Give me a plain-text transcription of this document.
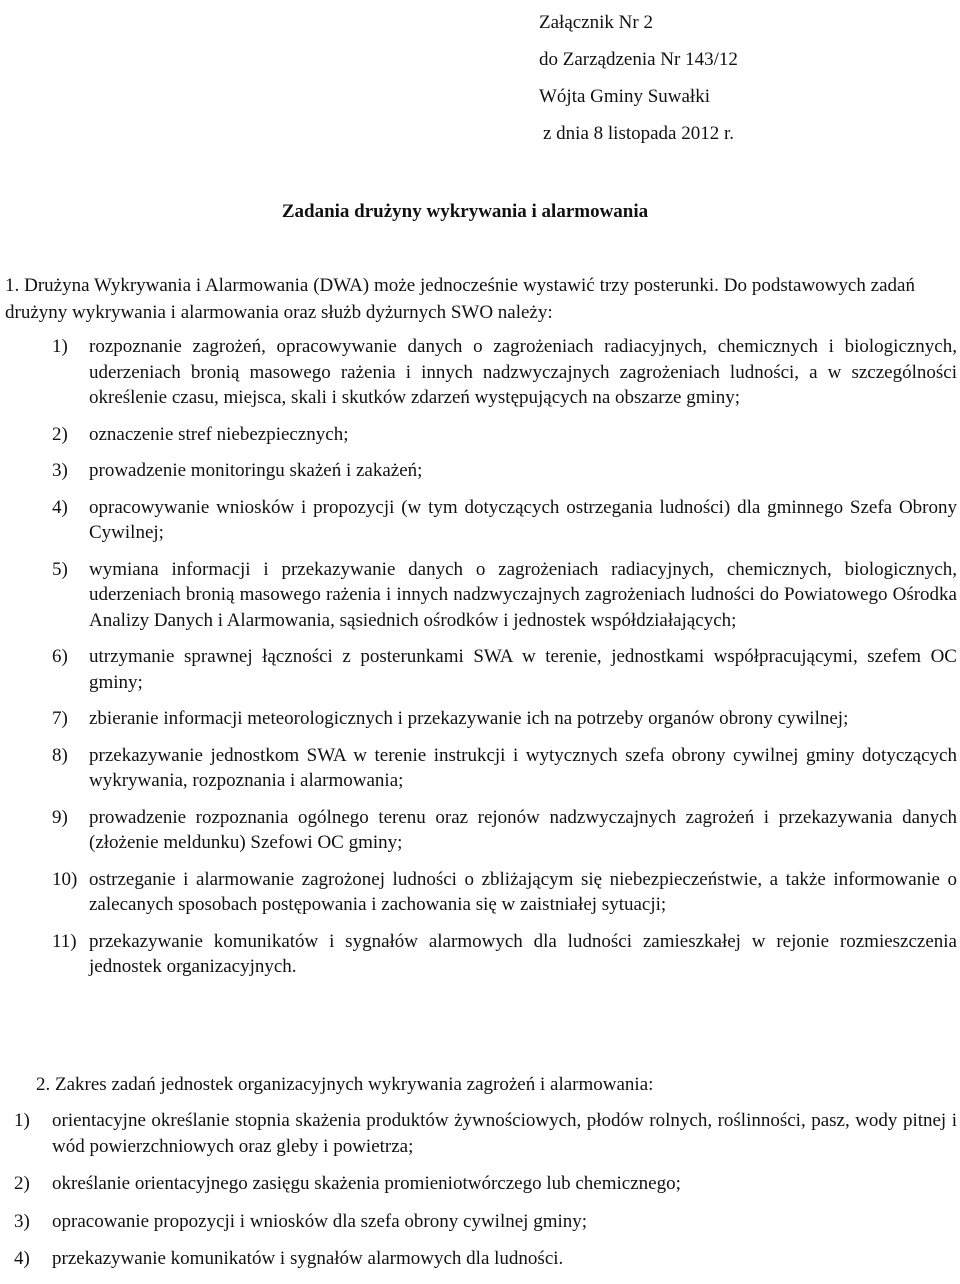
Załącznik Nr 2
do Zarządzenia Nr 143/12
Wójta Gminy Suwałki
z dnia 8 listopada 2012 r.
Zadania drużyny wykrywania i alarmowania
1. Drużyna Wykrywania i Alarmowania (DWA) może jednocześnie wystawić trzy posterunki. Do podstawowych zadań drużyny wykrywania i alarmowania oraz służb dyżurnych SWO należy:
1) rozpoznanie zagrożeń, opracowywanie danych o zagrożeniach radiacyjnych, chemicznych i biologicznych, uderzeniach bronią masowego rażenia i innych nadzwyczajnych zagrożeniach ludności, a w szczególności określenie czasu, miejsca, skali i skutków zdarzeń występujących na obszarze gminy;
2) oznaczenie stref niebezpiecznych;
3) prowadzenie monitoringu skażeń i zakażeń;
4) opracowywanie wniosków i propozycji (w tym dotyczących ostrzegania ludności) dla gminnego Szefa Obrony Cywilnej;
5) wymiana informacji i przekazywanie danych o zagrożeniach radiacyjnych, chemicznych, biologicznych, uderzeniach bronią masowego rażenia i innych nadzwyczajnych zagrożeniach ludności do Powiatowego Ośrodka Analizy Danych i Alarmowania, sąsiednich ośrodków i jednostek współdziałających;
6) utrzymanie sprawnej łączności z posterunkami SWA w terenie, jednostkami współpracującymi, szefem OC gminy;
7) zbieranie informacji meteorologicznych i przekazywanie ich na potrzeby organów obrony cywilnej;
8) przekazywanie jednostkom SWA w terenie instrukcji i wytycznych szefa obrony cywilnej gminy dotyczących wykrywania, rozpoznania i alarmowania;
9) prowadzenie rozpoznania ogólnego terenu oraz rejonów nadzwyczajnych zagrożeń i przekazywania danych (złożenie meldunku) Szefowi OC gminy;
10) ostrzeganie i alarmowanie zagrożonej ludności o zbliżającym się niebezpieczeństwie, a także informowanie o zalecanych sposobach postępowania i zachowania się w zaistniałej sytuacji;
11) przekazywanie komunikatów i sygnałów alarmowych dla ludności zamieszkałej w rejonie rozmieszczenia jednostek organizacyjnych.
2. Zakres zadań jednostek organizacyjnych wykrywania zagrożeń i alarmowania:
1) orientacyjne określanie stopnia skażenia produktów żywnościowych, płodów rolnych, roślinności, pasz, wody pitnej i wód powierzchniowych oraz gleby i powietrza;
2) określanie orientacyjnego zasięgu skażenia promieniotwórczego lub chemicznego;
3) opracowanie propozycji i wniosków dla szefa obrony cywilnej gminy;
4) przekazywanie komunikatów i sygnałów alarmowych dla ludności.
